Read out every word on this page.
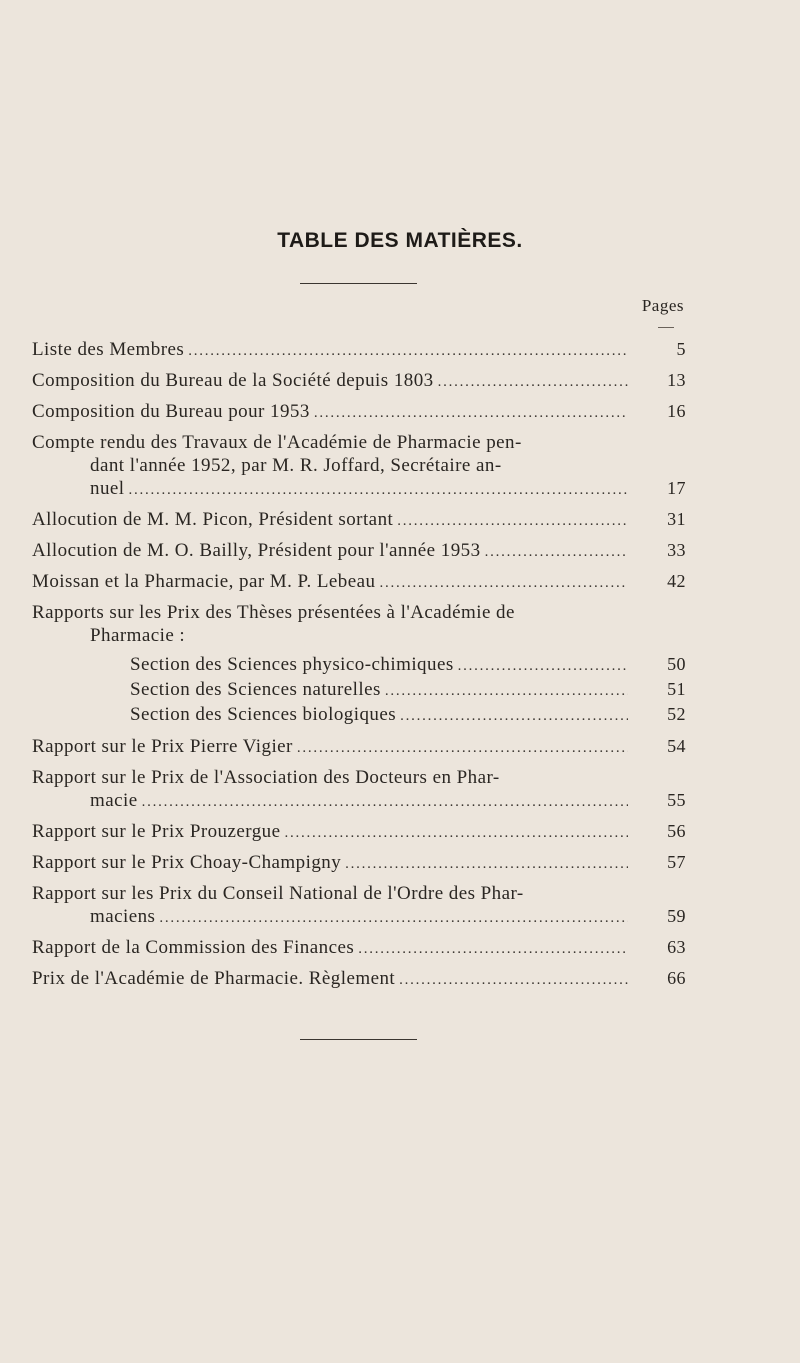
TABLE DES MATIÈRES.
Pages
Liste des Membres . . .	5
Composition du Bureau de la Société depuis 1803 . . .	13
Composition du Bureau pour 1953 . . .	16
Compte rendu des Travaux de l'Académie de Pharmacie pen-
dant l'année 1952, par M. R. Joffard, Secrétaire an-
nuel . . .	17
Allocution de M. M. Picon, Président sortant . . .	31
Allocution de M. O. Bailly, Président pour l'année 1953 . . .	33
Moissan et la Pharmacie, par M. P. Lebeau . . .	42
Rapports sur les Prix des Thèses présentées à l'Académie de
Pharmacie :
Section des Sciences physico-chimiques . . .	50
Section des Sciences naturelles . . .	51
Section des Sciences biologiques . . .	52
Rapport sur le Prix Pierre Vigier . . .	54
Rapport sur le Prix de l'Association des Docteurs en Phar-
macie . . .	55
Rapport sur le Prix Prouzergue . . .	56
Rapport sur le Prix Choay-Champigny . . .	57
Rapport sur les Prix du Conseil National de l'Ordre des Phar-
maciens . . .	59
Rapport de la Commission des Finances . . .	63
Prix de l'Académie de Pharmacie. Règlement . . .	66
